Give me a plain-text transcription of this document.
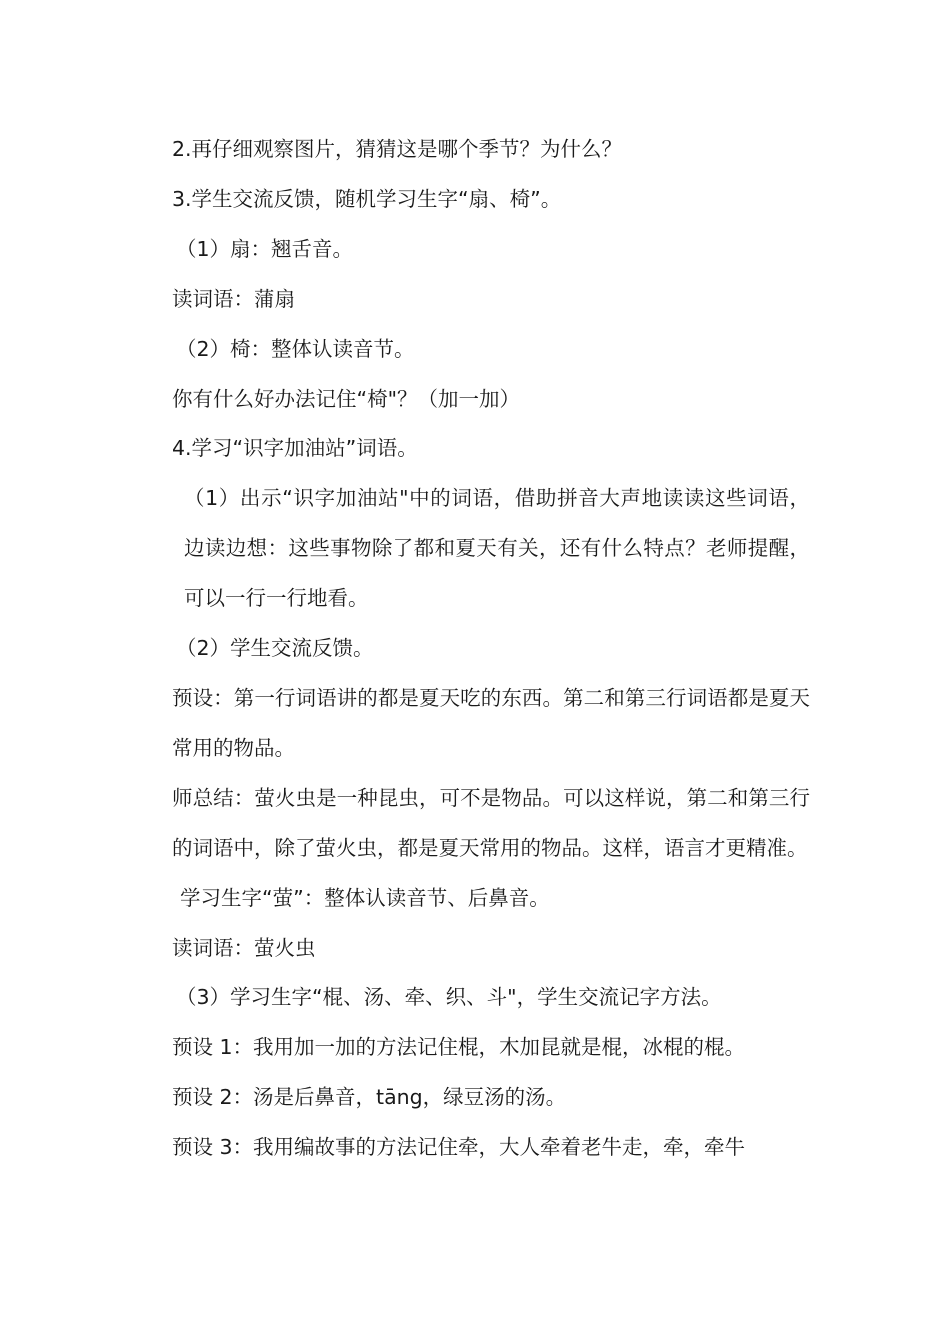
2.再仔细观察图片，猜猜这是哪个季节？为什么？

3.学生交流反馈，随机学习生字“扇、椅”。

（1）扇：翘舌音。

读词语：蒲扇

（2）椅：整体认读音节。

你有什么好办法记住“椅"？（加一加）

4.学习“识字加油站”词语。

（1）出示“识字加油站"中的词语，借助拼音大声地读读这些词语，边读边想：这些事物除了都和夏天有关，还有什么特点？老师提醒，可以一行一行地看。

（2）学生交流反馈。

预设：第一行词语讲的都是夏天吃的东西。第二和第三行词语都是夏天常用的物品。

师总结：萤火虫是一种昆虫，可不是物品。可以这样说，第二和第三行的词语中，除了萤火虫，都是夏天常用的物品。这样，语言才更精准。

学习生字“萤”：整体认读音节、后鼻音。

读词语：萤火虫

（3）学习生字“棍、汤、牵、织、斗"，学生交流记字方法。

预设 1：我用加一加的方法记住棍，木加昆就是棍，冰棍的棍。

预设 2：汤是后鼻音，tāng，绿豆汤的汤。

预设 3：我用编故事的方法记住牵，大人牵着老牛走，牵，牵牛
